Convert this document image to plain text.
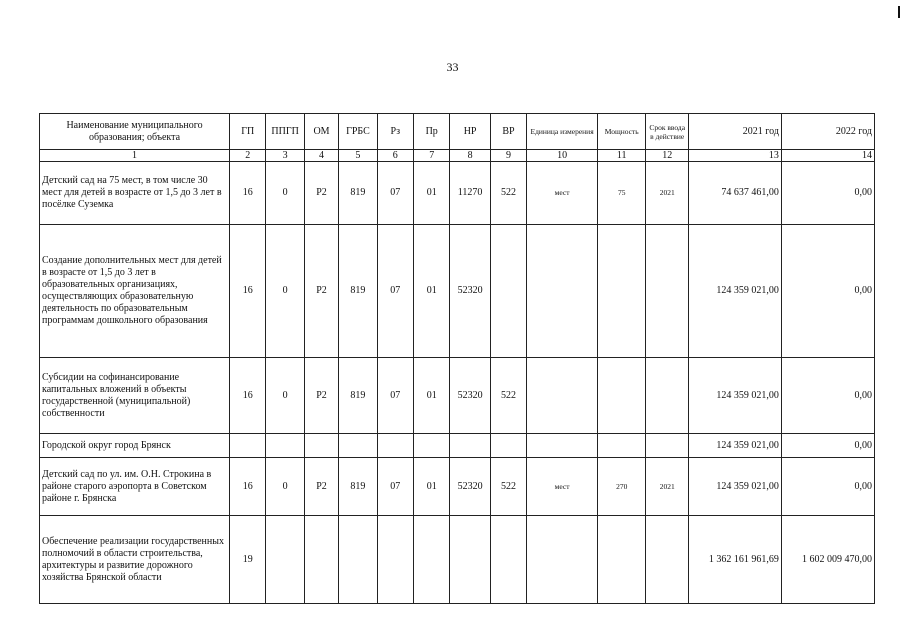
33
Наименование муниципального образования; объекта	ГП	ППГП	ОМ	ГРБС	Рз	Пр	НР	ВР	Единица измерения	Мощность	Срок ввода в действие	2021 год	2022 год
1	2	3	4	5	6	7	8	9	10	11	12	13	14
Детский сад на 75 мест, в том числе 30 мест для детей в возрасте от 1,5 до 3 лет в посёлке Суземка	16	0	Р2	819	07	01	11270	522	мест	75	2021	74 637 461,00	0,00
Создание дополнительных мест для детей в возрасте от 1,5 до 3 лет в образовательных организациях, осуществляющих образовательную деятельность по образовательным программам дошкольного образования	16	0	Р2	819	07	01	52320					124 359 021,00	0,00
Субсидии на софинансирование капитальных вложений в объекты государственной (муниципальной) собственности	16	0	Р2	819	07	01	52320	522				124 359 021,00	0,00
Городской округ город Брянск												124 359 021,00	0,00
Детский сад по ул. им. О.Н. Строкина в районе старого аэропорта в Советском районе г. Брянска	16	0	Р2	819	07	01	52320	522	мест	270	2021	124 359 021,00	0,00
Обеспечение реализации государственных полномочий в области строительства, архитектуры и развитие дорожного хозяйства Брянской области	19											1 362 161 961,69	1 602 009 470,00
